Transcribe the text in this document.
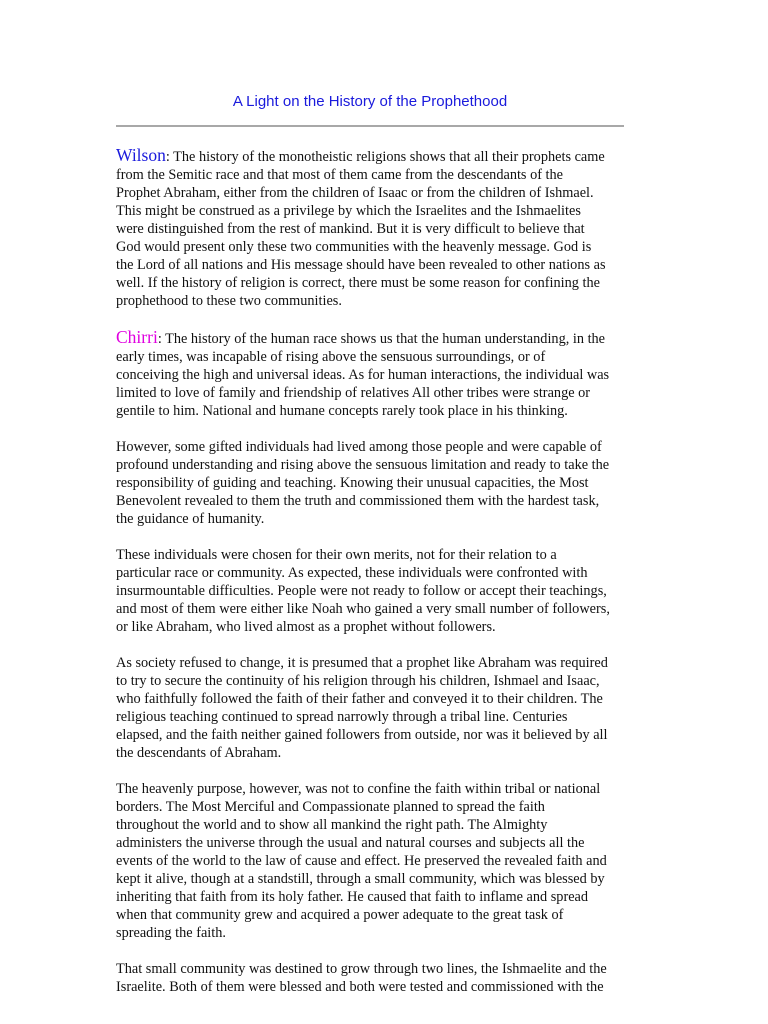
A Light on the History of the Prophethood

Wilson: The history of the monotheistic religions shows that all their prophets came
from the Semitic race and that most of them came from the descendants of the
Prophet Abraham, either from the children of Isaac or from the children of Ishmael.
This might be construed as a privilege by which the Israelites and the Ishmaelites
were distinguished from the rest of mankind. But it is very difficult to believe that
God would present only these two communities with the heavenly message. God is
the Lord of all nations and His message should have been revealed to other nations as
well. If the history of religion is correct, there must be some reason for confining the
prophethood to these two communities.

Chirri: The history of the human race shows us that the human understanding, in the
early times, was incapable of rising above the sensuous surroundings, or of
conceiving the high and universal ideas. As for human interactions, the individual was
limited to love of family and friendship of relatives All other tribes were strange or
gentile to him. National and humane concepts rarely took place in his thinking.

However, some gifted individuals had lived among those people and were capable of
profound understanding and rising above the sensuous limitation and ready to take the
responsibility of guiding and teaching. Knowing their unusual capacities, the Most
Benevolent revealed to them the truth and commissioned them with the hardest task,
the guidance of humanity.

These individuals were chosen for their own merits, not for their relation to a
particular race or community. As expected, these individuals were confronted with
insurmountable difficulties. People were not ready to follow or accept their teachings,
and most of them were either like Noah who gained a very small number of followers,
or like Abraham, who lived almost as a prophet without followers.

As society refused to change, it is presumed that a prophet like Abraham was required
to try to secure the continuity of his religion through his children, Ishmael and Isaac,
who faithfully followed the faith of their father and conveyed it to their children. The
religious teaching continued to spread narrowly through a tribal line. Centuries
elapsed, and the faith neither gained followers from outside, nor was it believed by all
the descendants of Abraham.

The heavenly purpose, however, was not to confine the faith within tribal or national
borders. The Most Merciful and Compassionate planned to spread the faith
throughout the world and to show all mankind the right path. The Almighty
administers the universe through the usual and natural courses and subjects all the
events of the world to the law of cause and effect. He preserved the revealed faith and
kept it alive, though at a standstill, through a small community, which was blessed by
inheriting that faith from its holy father. He caused that faith to inflame and spread
when that community grew and acquired a power adequate to the great task of
spreading the faith.

That small community was destined to grow through two lines, the Ishmaelite and the
Israelite. Both of them were blessed and both were tested and commissioned with the
